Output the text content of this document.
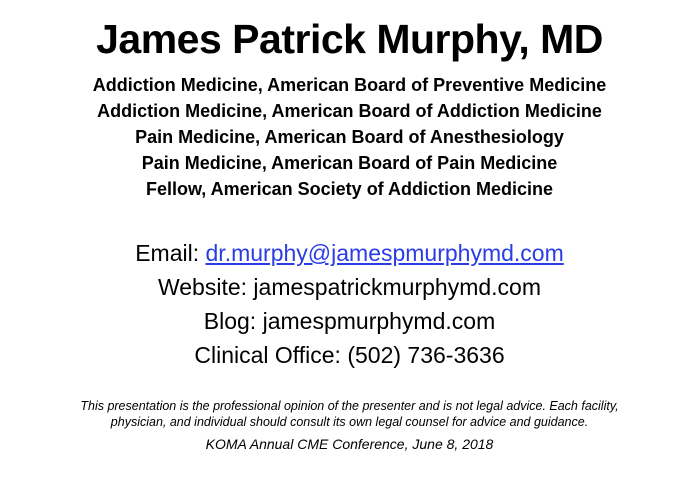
James Patrick Murphy, MD
Addiction Medicine, American Board of Preventive Medicine
Addiction Medicine, American Board of Addiction Medicine
Pain Medicine, American Board of Anesthesiology
Pain Medicine, American Board of Pain Medicine
Fellow, American Society of Addiction Medicine
Email: dr.murphy@jamespmurphymd.com
Website: jamespatrickmurphymd.com
Blog: jamespmurphymd.com
Clinical Office: (502) 736-3636
This presentation is the professional opinion of the presenter and is not legal advice. Each facility,
physician, and individual should consult its own legal counsel for advice and guidance.
KOMA Annual CME Conference, June 8, 2018
